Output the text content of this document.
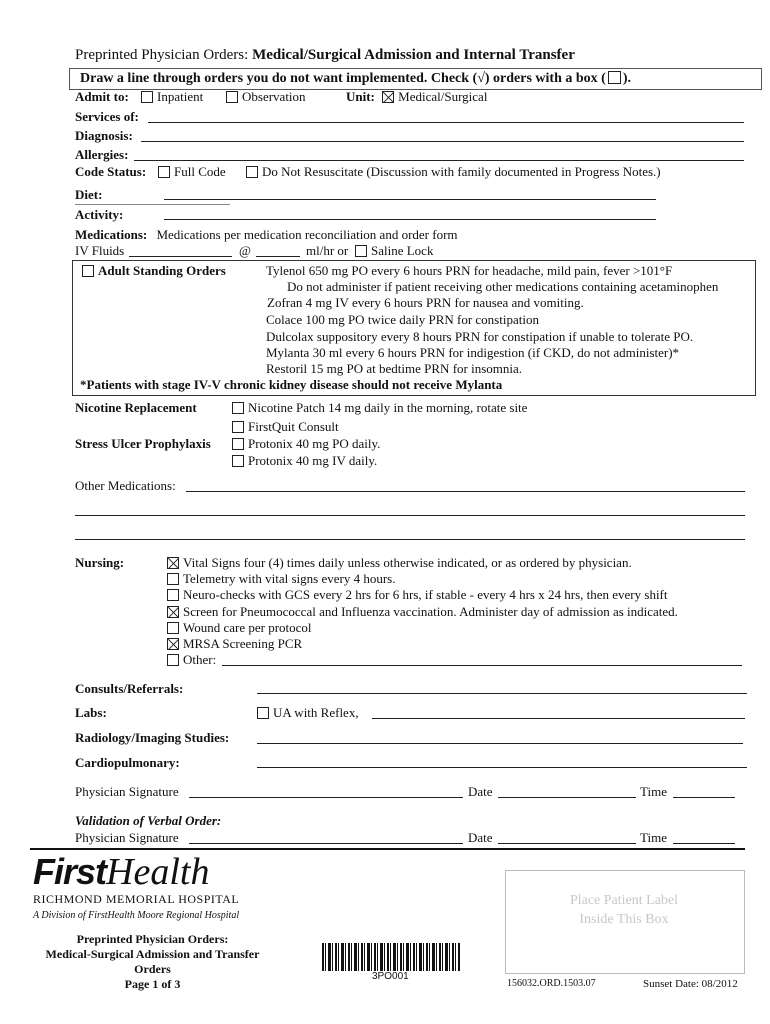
Preprinted Physician Orders: Medical/Surgical Admission and Internal Transfer
Draw a line through orders you do not want implemented. Check (√) orders with a box ( ).
Admit to:	Inpatient	Observation	Unit: Medical/Surgical
Services of:
Diagnosis:
Allergies:
Code Status:	Full Code	Do Not Resuscitate (Discussion with family documented in Progress Notes.)
Diet:
Activity:
Medications: Medications per medication reconciliation and order form
IV Fluids	@	ml/hr or	Saline Lock
Adult Standing Orders	Tylenol 650 mg PO every 6 hours PRN for headache, mild pain, fever >101°F
Do not administer if patient receiving other medications containing acetaminophen
Zofran 4 mg IV every 6 hours PRN for nausea and vomiting.
Colace 100 mg PO twice daily PRN for constipation
Dulcolax suppository every 8 hours PRN for constipation if unable to tolerate PO.
Mylanta 30 ml every 6 hours PRN for indigestion (if CKD, do not administer)*
Restoril 15 mg PO at bedtime PRN for insomnia.
*Patients with stage IV-V chronic kidney disease should not receive Mylanta
Nicotine Replacement	Nicotine Patch 14 mg daily in the morning, rotate site
FirstQuit Consult
Stress Ulcer Prophylaxis	Protonix 40 mg PO daily.
Protonix 40 mg IV daily.
Other Medications:
Nursing:	Vital Signs four (4) times daily unless otherwise indicated, or as ordered by physician.
Telemetry with vital signs every 4 hours.
Neuro-checks with GCS every 2 hrs for 6 hrs, if stable - every 4 hrs x 24 hrs, then every shift
Screen for Pneumococcal and Influenza vaccination. Administer day of admission as indicated.
Wound care per protocol
MRSA Screening PCR
Other:
Consults/Referrals:
Labs:	UA with Reflex,
Radiology/Imaging Studies:
Cardiopulmonary:
Physician Signature	Date	Time
Validation of Verbal Order:
Physician Signature	Date	Time
FirstHealth
RICHMOND MEMORIAL HOSPITAL
A Division of FirstHealth Moore Regional Hospital
Preprinted Physician Orders:
Medical-Surgical Admission and Transfer
Orders
Page 1 of 3
3PO001
Place Patient Label
Inside This Box
156032.ORD.1503.07	Sunset Date: 08/2012
